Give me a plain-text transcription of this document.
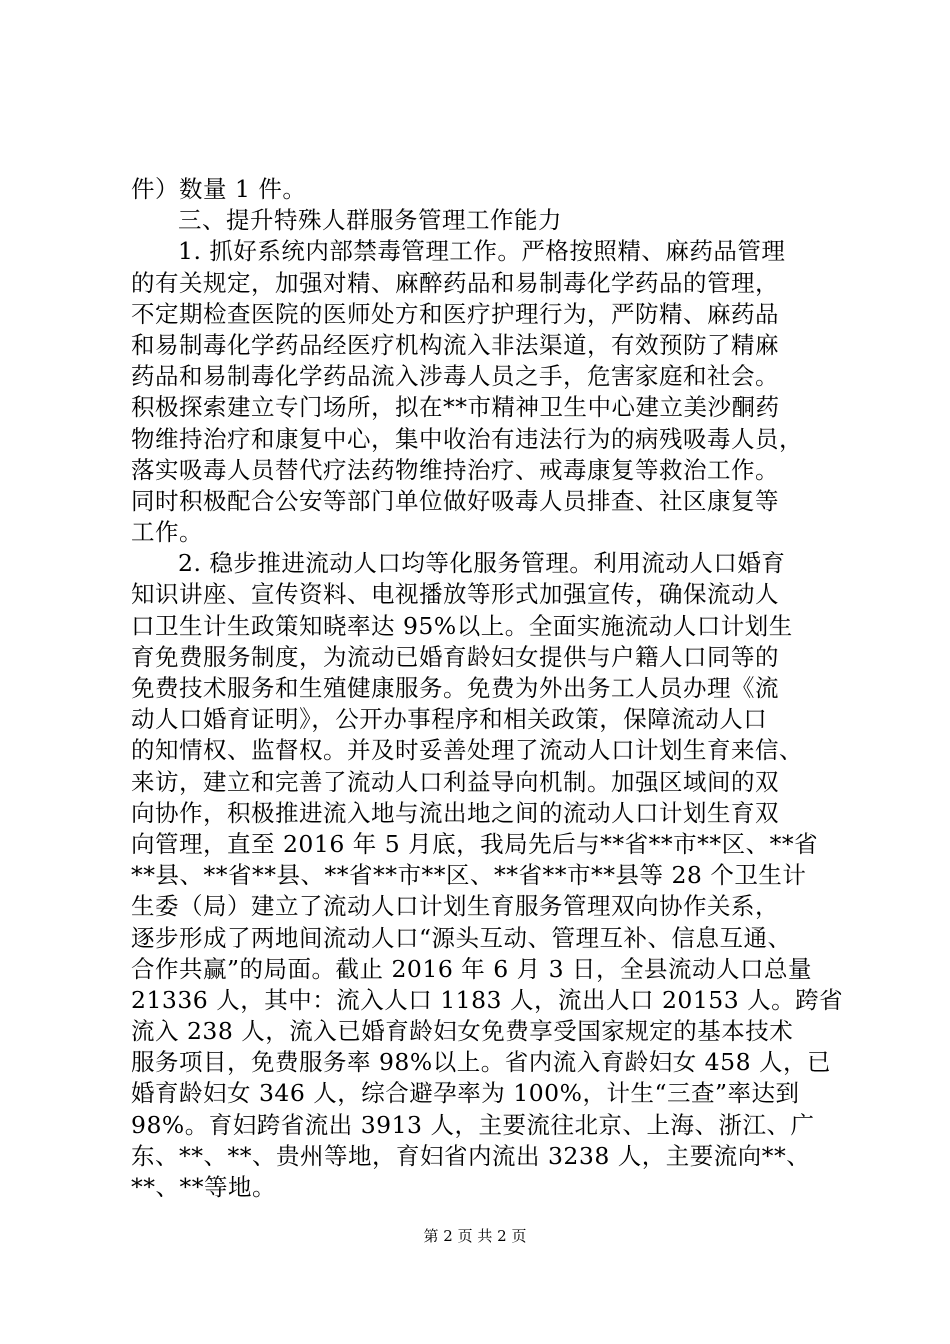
件）数量 1 件。
三、提升特殊人群服务管理工作能力
1. 抓好系统内部禁毒管理工作。严格按照精、麻药品管理
的有关规定，加强对精、麻醉药品和易制毒化学药品的管理，
不定期检查医院的医师处方和医疗护理行为，严防精、麻药品
和易制毒化学药品经医疗机构流入非法渠道，有效预防了精麻
药品和易制毒化学药品流入涉毒人员之手，危害家庭和社会。
积极探索建立专门场所，拟在**市精神卫生中心建立美沙酮药
物维持治疗和康复中心，集中收治有违法行为的病残吸毒人员，
落实吸毒人员替代疗法药物维持治疗、戒毒康复等救治工作。
同时积极配合公安等部门单位做好吸毒人员排查、社区康复等
工作。
2. 稳步推进流动人口均等化服务管理。利用流动人口婚育
知识讲座、宣传资料、电视播放等形式加强宣传，确保流动人
口卫生计生政策知晓率达 95%以上。全面实施流动人口计划生
育免费服务制度，为流动已婚育龄妇女提供与户籍人口同等的
免费技术服务和生殖健康服务。免费为外出务工人员办理《流
动人口婚育证明》，公开办事程序和相关政策，保障流动人口
的知情权、监督权。并及时妥善处理了流动人口计划生育来信、
来访，建立和完善了流动人口利益导向机制。加强区域间的双
向协作，积极推进流入地与流出地之间的流动人口计划生育双
向管理，直至 2016 年 5 月底，我局先后与**省**市**区、**省
**县、**省**县、**省**市**区、**省**市**县等 28 个卫生计
生委（局）建立了流动人口计划生育服务管理双向协作关系，
逐步形成了两地间流动人口“源头互动、管理互补、信息互通、
合作共赢”的局面。截止 2016 年 6 月 3 日，全县流动人口总量
21336 人，其中：流入人口 1183 人，流出人口 20153 人。跨省
流入 238 人，流入已婚育龄妇女免费享受国家规定的基本技术
服务项目，免费服务率 98%以上。省内流入育龄妇女 458 人，已
婚育龄妇女 346 人，综合避孕率为 100%，计生“三查”率达到
98%。育妇跨省流出 3913 人，主要流往北京、上海、浙江、广
东、**、**、贵州等地，育妇省内流出 3238 人，主要流向**、
**、**等地。
第 2 页 共 2 页
